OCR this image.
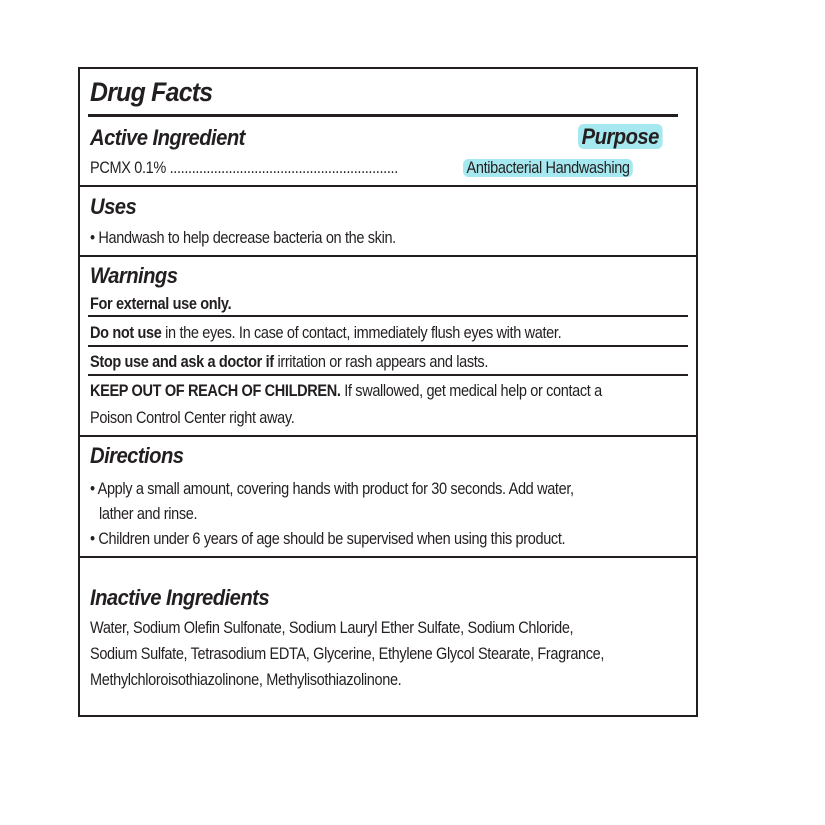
Drug Facts
Active Ingredient	Purpose
PCMX 0.1% ..............................................................	Antibacterial Handwashing
Uses
• Handwash to help decrease bacteria on the skin.
Warnings
For external use only.
Do not use in the eyes. In case of contact, immediately flush eyes with water.
Stop use and ask a doctor if irritation or rash appears and lasts.
KEEP OUT OF REACH OF CHILDREN. If swallowed, get medical help or contact a
Poison Control Center right away.
Directions
• Apply a small amount, covering hands with product for 30 seconds. Add water,
lather and rinse.
• Children under 6 years of age should be supervised when using this product.
Inactive Ingredients
Water, Sodium Olefin Sulfonate, Sodium Lauryl Ether Sulfate, Sodium Chloride,
Sodium Sulfate, Tetrasodium EDTA, Glycerine, Ethylene Glycol Stearate, Fragrance,
Methylchloroisothiazolinone, Methylisothiazolinone.
